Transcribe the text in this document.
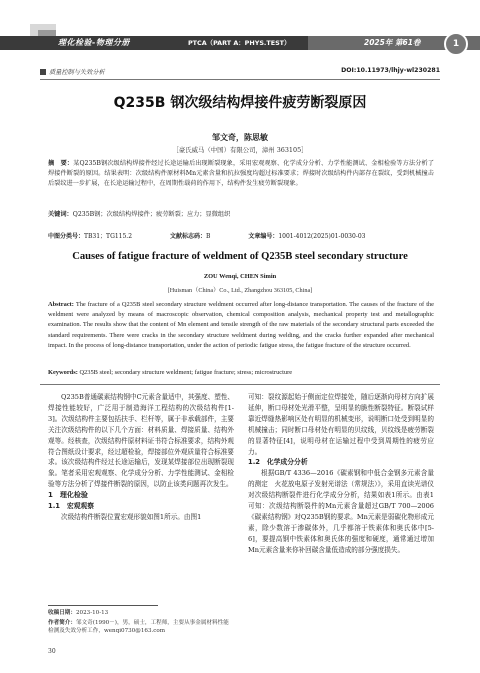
理化检验-物理分册	PTCA（PART A：PHYS.TEST）	2025年 第61卷	1
质量控制与失效分析	DOI:10.11973/lhjy-wl230281
Q235B 钢次级结构焊接件疲劳断裂原因
邹文奇，陈思敏
［豪氏威马（中国）有限公司，漳州 363105］
摘　要：某Q235B钢次级结构焊接件经过长途运输后出现断裂现象，采用宏观观察、化学成分分析、力学性能测试、金相检验等方法分析了焊接件断裂的原因。结果表明：次级结构件原材料Mn元素含量和抗拉强度均超过标准要求；焊接时次级结构件内部存在裂纹，受到机械撞击后裂纹进一步扩展，在长途运输过程中，在周期性载荷的作用下，结构件发生疲劳断裂现象。
关键词：Q235B钢；次级结构焊接件；疲劳断裂；应力；显微组织
中图分类号：TB31；TG115.2	文献标志码：B	文章编号：1001-4012(2025)01-0030-03
Causes of fatigue fracture of weldment of Q235B steel secondary structure
ZOU Wenqi, CHEN Simin
[Huisman（China）Co., Ltd., Zhangzhou 363105, China]
Abstract: The fracture of a Q235B steel secondary structure weldment occurred after long-distance transportation. The causes of the fracture of the weldment were analyzed by means of macroscopic observation, chemical composition analysis, mechanical property test and metallographic examination. The results show that the content of Mn element and tensile strength of the raw materials of the secondary structural parts exceeded the standard requirements. There were cracks in the secondary structure weldment during welding, and the cracks further expanded after mechanical impact. In the process of long-distance transportation, under the action of periodic fatigue stress, the fatigue fracture of the structure occurred.
Keywords: Q235B steel; secondary structure weldment; fatigue fracture; stress; microstructure

Q235B普通碳素结构钢中C元素含量适中，其强度、塑性、焊接性能较好，广泛用于制造海洋工程结构的次级结构件[1-3]。次级结构件主要包括扶手、栏杆等，属于非承载部件，主要关注次级结构件的以下几个方面：材料质量、焊接质量、结构外观等。经核查，次级结构件原材料证书符合标准要求，结构外观符合图纸设计要求，经过超检验，焊接部位外观质量符合标准要求。该次级结构件经过长途运输后，发现某焊接部位出现断裂现象。笔者采用宏观观察、化学成分分析、力学性能测试、金相检验等方法分析了焊接件断裂的原因，以防止该类问题再次发生。

1　理化检验

1.1　宏观观察

次级结构件断裂位置宏观形貌如图1所示。由图1

可知：裂纹源起始于侧面定位焊接处，随后逐渐向母材方向扩展延伸，断口母材处光滑平整，呈明显的脆性断裂特征。断裂试样靠近焊缝热影响区处有明显的机械变形，说明断口处受到明显的机械撞击；同时断口母材处有明显的贝纹线，贝纹线是疲劳断裂的显著特征[4]，说明母材在运输过程中受到周期性的疲劳应力。

1.2　化学成分分析

根据GB/T 4336—2016《碳素钢和中低合金钢多元素含量的测定　火花放电原子发射光谱法（常规法）》，采用直读光谱仪对次级结构断裂件进行化学成分分析，结果如表1所示。由表1可知：次级结构断裂件的Mn元素含量超过GB/T 700—2006《碳素结构钢》对Q235B钢的要求。Mn元素是弱碳化物形成元素，除少数溶于渗碳体外，几乎都溶于铁素体和奥氏体中[5-6]，要提高钢中铁素体和奥氏体的强度和硬度，通常通过增加Mn元素含量来你补回碳含量低造成的部分强度损失。

收稿日期：2023-10-13
作者简介：邹文奇(1990－)，男，硕士，工程师，主要从事金属材料性能检测及失效分析工作，wenqi0730@163.com
30
